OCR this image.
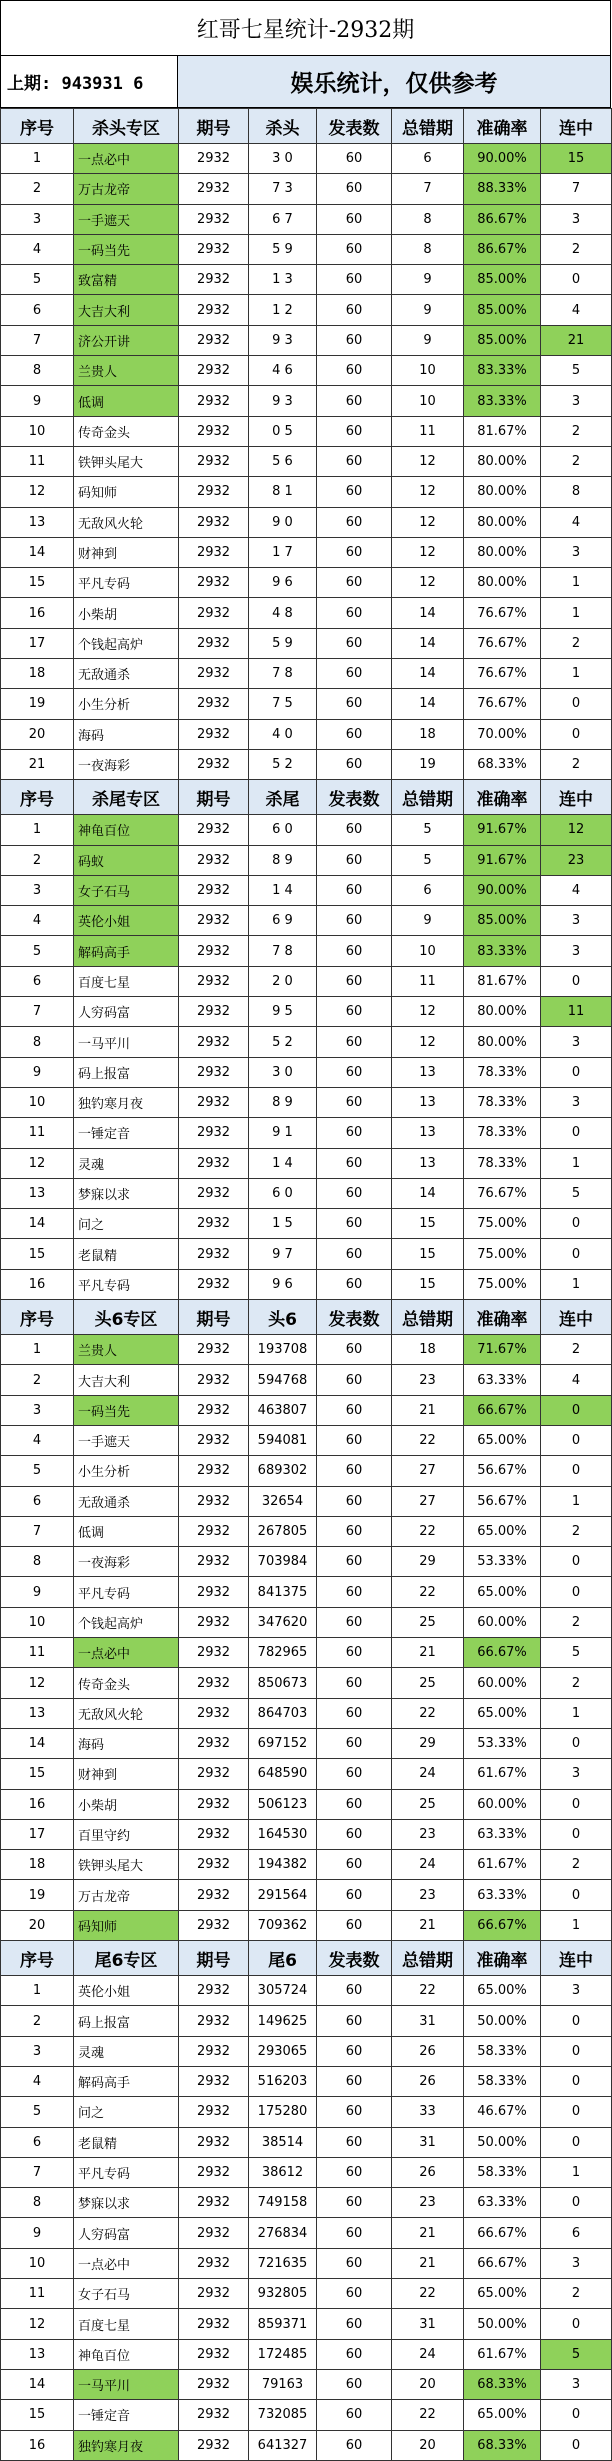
红哥七星统计-2932期
上期: 943931 6	娱乐统计，仅供参考
序号	杀头专区	期号	杀头	发表数	总错期	准确率	连中
1	一点必中	2932	3 0	60	6	90.00%	15
2	万古龙帝	2932	7 3	60	7	88.33%	7
3	一手遮天	2932	6 7	60	8	86.67%	3
4	一码当先	2932	5 9	60	8	86.67%	2
5	致富精	2932	1 3	60	9	85.00%	0
6	大吉大利	2932	1 2	60	9	85.00%	4
7	济公开讲	2932	9 3	60	9	85.00%	21
8	兰贵人	2932	4 6	60	10	83.33%	5
9	低调	2932	9 3	60	10	83.33%	3
10	传奇金头	2932	0 5	60	11	81.67%	2
11	铁钾头尾大	2932	5 6	60	12	80.00%	2
12	码知师	2932	8 1	60	12	80.00%	8
13	无敌风火轮	2932	9 0	60	12	80.00%	4
14	财神到	2932	1 7	60	12	80.00%	3
15	平凡专码	2932	9 6	60	12	80.00%	1
16	小柴胡	2932	4 8	60	14	76.67%	1
17	个钱起高炉	2932	5 9	60	14	76.67%	2
18	无敌通杀	2932	7 8	60	14	76.67%	1
19	小生分析	2932	7 5	60	14	76.67%	0
20	海码	2932	4 0	60	18	70.00%	0
21	一夜海彩	2932	5 2	60	19	68.33%	2
序号	杀尾专区	期号	杀尾	发表数	总错期	准确率	连中
1	神龟百位	2932	6 0	60	5	91.67%	12
2	码蚁	2932	8 9	60	5	91.67%	23
3	女子石马	2932	1 4	60	6	90.00%	4
4	英伦小姐	2932	6 9	60	9	85.00%	3
5	解码高手	2932	7 8	60	10	83.33%	3
6	百度七星	2932	2 0	60	11	81.67%	0
7	人穷码富	2932	9 5	60	12	80.00%	11
8	一马平川	2932	5 2	60	12	80.00%	3
9	码上报富	2932	3 0	60	13	78.33%	0
10	独钓寒月夜	2932	8 9	60	13	78.33%	3
11	一锤定音	2932	9 1	60	13	78.33%	0
12	灵魂	2932	1 4	60	13	78.33%	1
13	梦寐以求	2932	6 0	60	14	76.67%	5
14	问之	2932	1 5	60	15	75.00%	0
15	老鼠精	2932	9 7	60	15	75.00%	0
16	平凡专码	2932	9 6	60	15	75.00%	1
序号	头6专区	期号	头6	发表数	总错期	准确率	连中
1	兰贵人	2932	193708	60	18	71.67%	2
2	大吉大利	2932	594768	60	23	63.33%	4
3	一码当先	2932	463807	60	21	66.67%	0
4	一手遮天	2932	594081	60	22	65.00%	0
5	小生分析	2932	689302	60	27	56.67%	0
6	无敌通杀	2932	32654	60	27	56.67%	1
7	低调	2932	267805	60	22	65.00%	2
8	一夜海彩	2932	703984	60	29	53.33%	0
9	平凡专码	2932	841375	60	22	65.00%	0
10	个钱起高炉	2932	347620	60	25	60.00%	2
11	一点必中	2932	782965	60	21	66.67%	5
12	传奇金头	2932	850673	60	25	60.00%	2
13	无敌风火轮	2932	864703	60	22	65.00%	1
14	海码	2932	697152	60	29	53.33%	0
15	财神到	2932	648590	60	24	61.67%	3
16	小柴胡	2932	506123	60	25	60.00%	0
17	百里守约	2932	164530	60	23	63.33%	0
18	铁钾头尾大	2932	194382	60	24	61.67%	2
19	万古龙帝	2932	291564	60	23	63.33%	0
20	码知师	2932	709362	60	21	66.67%	1
序号	尾6专区	期号	尾6	发表数	总错期	准确率	连中
1	英伦小姐	2932	305724	60	22	65.00%	3
2	码上报富	2932	149625	60	31	50.00%	0
3	灵魂	2932	293065	60	26	58.33%	0
4	解码高手	2932	516203	60	26	58.33%	0
5	问之	2932	175280	60	33	46.67%	0
6	老鼠精	2932	38514	60	31	50.00%	0
7	平凡专码	2932	38612	60	26	58.33%	1
8	梦寐以求	2932	749158	60	23	63.33%	0
9	人穷码富	2932	276834	60	21	66.67%	6
10	一点必中	2932	721635	60	21	66.67%	3
11	女子石马	2932	932805	60	22	65.00%	2
12	百度七星	2932	859371	60	31	50.00%	0
13	神龟百位	2932	172485	60	24	61.67%	5
14	一马平川	2932	79163	60	20	68.33%	3
15	一锤定音	2932	732085	60	22	65.00%	0
16	独钓寒月夜	2932	641327	60	20	68.33%	0
